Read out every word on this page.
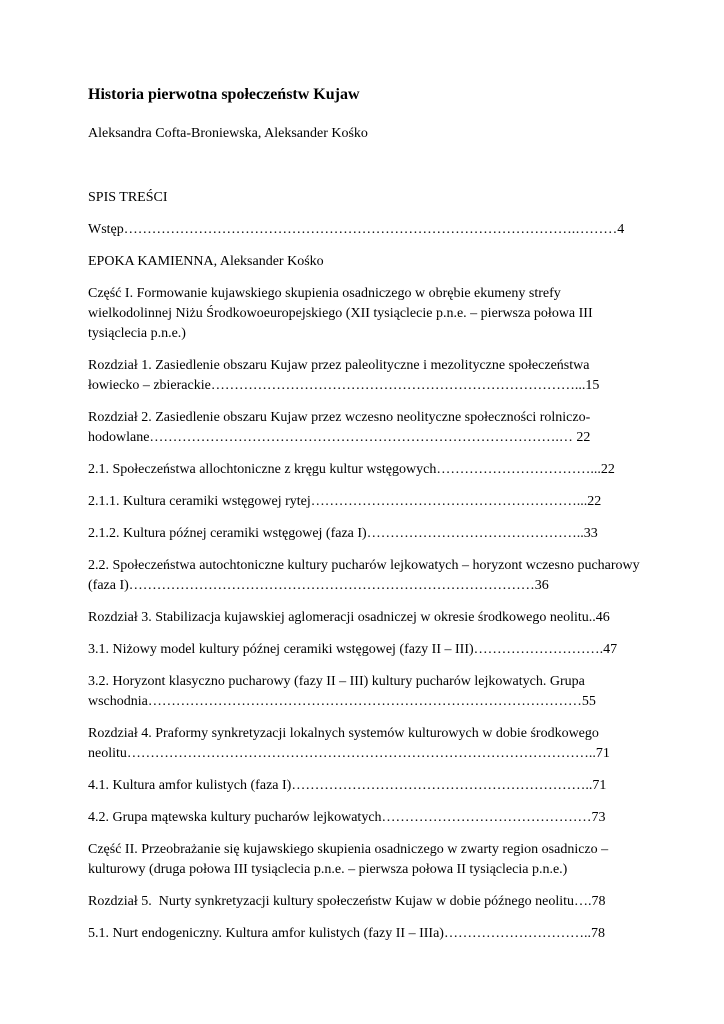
Historia pierwotna społeczeństw Kujaw
Aleksandra Cofta-Broniewska, Aleksander Kośko
SPIS TREŚCI

Wstęp…………………………………………………………………………………….………4

EPOKA KAMIENNA, Aleksander Kośko

Część I. Formowanie kujawskiego skupienia osadniczego w obrębie ekumeny strefy wielkodolinnej Niżu Środkowoeuropejskiego (XII tysiąclecie p.n.e. – pierwsza połowa III tysiąclecia p.n.e.)

Rozdział 1. Zasiedlenie obszaru Kujaw przez paleolityczne i mezolityczne społeczeństwa łowiecko – zbierackie……………………………………………………………………...15

Rozdział 2. Zasiedlenie obszaru Kujaw przez wczesno neolityczne społeczności rolniczo-hodowlane…………………………………………………………………………….… 22

2.1. Społeczeństwa allochtoniczne z kręgu kultur wstęgowych……………………………...22

2.1.1. Kultura ceramiki wstęgowej rytej…………………………………………………...22

2.1.2. Kultura późnej ceramiki wstęgowej (faza I)………………………………………..33

2.2. Społeczeństwa autochtoniczne kultury pucharów lejkowatych – horyzont wczesno pucharowy (faza I)……………………………………………………………………………36

Rozdział 3. Stabilizacja kujawskiej aglomeracji osadniczej w okresie środkowego neolitu..46

3.1. Niżowy model kultury późnej ceramiki wstęgowej (fazy II – III)……………………….47

3.2. Horyzont klasyczno pucharowy (fazy II – III) kultury pucharów lejkowatych. Grupa wschodnia…………………………………………………………………………………55

Rozdział 4. Praformy synkretyzacji lokalnych systemów kulturowych w dobie środkowego neolitu………………………………………………………………………………………..71

4.1. Kultura amfor kulistych (faza I)………………………………………………………..71

4.2. Grupa mątewska kultury pucharów lejkowatych………………………………………73

Część II. Przeobrażanie się kujawskiego skupienia osadniczego w zwarty region osadniczo – kulturowy (druga połowa III tysiąclecia p.n.e. – pierwsza połowa II tysiąclecia p.n.e.)

Rozdział 5.  Nurty synkretyzacji kultury społeczeństw Kujaw w dobie późnego neolitu….78

5.1. Nurt endogeniczny. Kultura amfor kulistych (fazy II – IIIa)…………………………..78
